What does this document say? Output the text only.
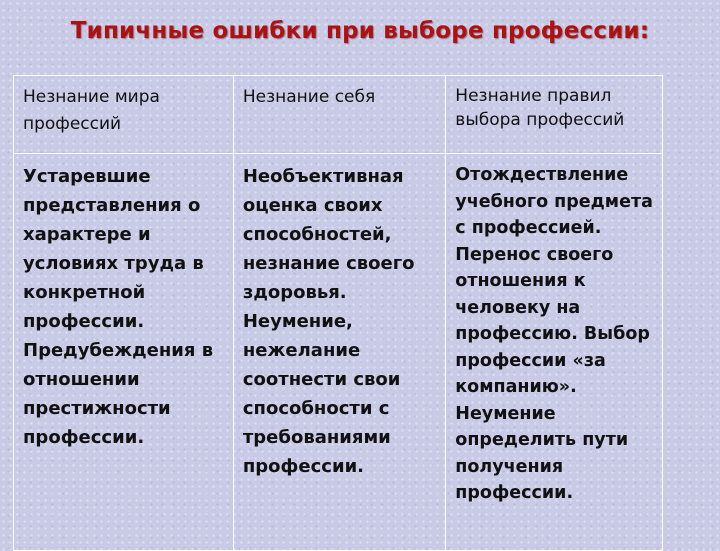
Типичные ошибки при выборе профессии:
Незнание мира профессий	Незнание себя	Незнание правил выбора профессий
Устаревшие представления о характере и условиях труда в конкретной профессии. Предубеждения в отношении престижности профессии.	Необъективная оценка своих способностей, незнание своего здоровья. Неумение, нежелание соотнести свои способности с требованиями профессии.	Отождествление учебного предмета с профессией. Перенос своего отношения к человеку на профессию. Выбор профессии «за компанию». Неумение определить пути получения профессии.
